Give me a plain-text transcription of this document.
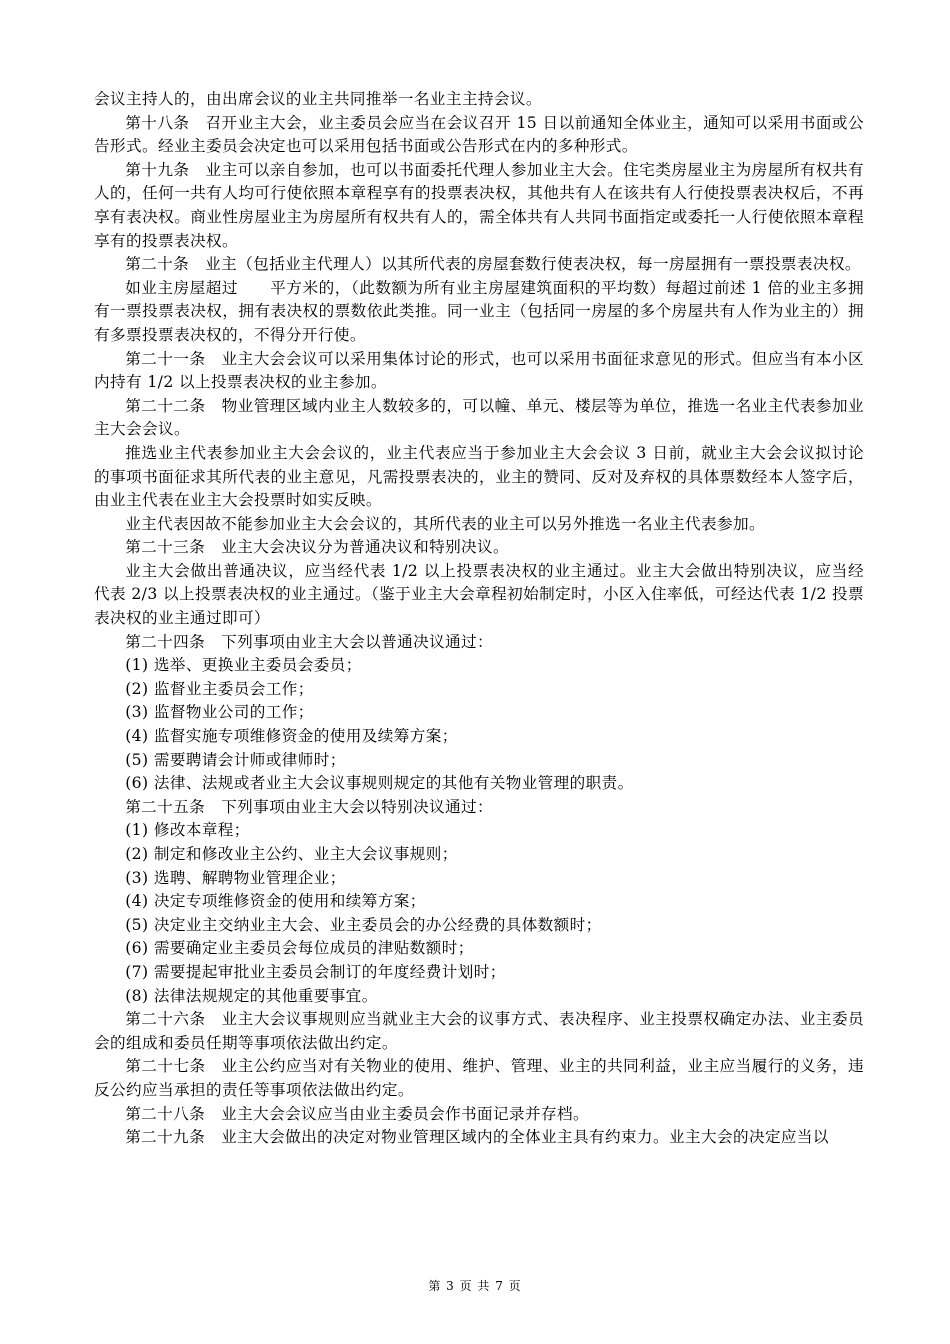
会议主持人的，由出席会议的业主共同推举一名业主主持会议。

第十八条　召开业主大会，业主委员会应当在会议召开 15 日以前通知全体业主，通知可以采用书面或公告形式。经业主委员会决定也可以采用包括书面或公告形式在内的多种形式。

第十九条　业主可以亲自参加，也可以书面委托代理人参加业主大会。住宅类房屋业主为房屋所有权共有人的，任何一共有人均可行使依照本章程享有的投票表决权，其他共有人在该共有人行使投票表决权后，不再享有表决权。商业性房屋业主为房屋所有权共有人的，需全体共有人共同书面指定或委托一人行使依照本章程享有的投票表决权。

第二十条　业主（包括业主代理人）以其所代表的房屋套数行使表决权，每一房屋拥有一票投票表决权。

如业主房屋超过　　平方米的，（此数额为所有业主房屋建筑面积的平均数）每超过前述 1 倍的业主多拥有一票投票表决权，拥有表决权的票数依此类推。同一业主（包括同一房屋的多个房屋共有人作为业主的）拥有多票投票表决权的，不得分开行使。

第二十一条　业主大会会议可以采用集体讨论的形式，也可以采用书面征求意见的形式。但应当有本小区内持有 1/2 以上投票表决权的业主参加。

第二十二条　物业管理区域内业主人数较多的，可以幢、单元、楼层等为单位，推选一名业主代表参加业主大会会议。

推选业主代表参加业主大会会议的，业主代表应当于参加业主大会会议 3 日前，就业主大会会议拟讨论的事项书面征求其所代表的业主意见，凡需投票表决的，业主的赞同、反对及弃权的具体票数经本人签字后，由业主代表在业主大会投票时如实反映。

业主代表因故不能参加业主大会会议的，其所代表的业主可以另外推选一名业主代表参加。

第二十三条　业主大会决议分为普通决议和特别决议。

业主大会做出普通决议，应当经代表 1/2 以上投票表决权的业主通过。业主大会做出特别决议，应当经代表 2/3 以上投票表决权的业主通过。（鉴于业主大会章程初始制定时，小区入住率低，可经达代表 1/2 投票表决权的业主通过即可）

第二十四条　下列事项由业主大会以普通决议通过：

(1) 选举、更换业主委员会委员；

(2) 监督业主委员会工作；

(3) 监督物业公司的工作；

(4) 监督实施专项维修资金的使用及续筹方案；

(5) 需要聘请会计师或律师时；

(6) 法律、法规或者业主大会议事规则规定的其他有关物业管理的职责。

第二十五条　下列事项由业主大会以特别决议通过：

(1) 修改本章程；

(2) 制定和修改业主公约、业主大会议事规则；

(3) 选聘、解聘物业管理企业；

(4) 决定专项维修资金的使用和续筹方案；

(5) 决定业主交纳业主大会、业主委员会的办公经费的具体数额时；

(6) 需要确定业主委员会每位成员的津贴数额时；

(7) 需要提起审批业主委员会制订的年度经费计划时；

(8) 法律法规规定的其他重要事宜。

第二十六条　业主大会议事规则应当就业主大会的议事方式、表决程序、业主投票权确定办法、业主委员会的组成和委员任期等事项依法做出约定。

第二十七条　业主公约应当对有关物业的使用、维护、管理、业主的共同利益，业主应当履行的义务，违反公约应当承担的责任等事项依法做出约定。

第二十八条　业主大会会议应当由业主委员会作书面记录并存档。

第二十九条　业主大会做出的决定对物业管理区域内的全体业主具有约束力。业主大会的决定应当以

第 3 页 共 7 页
